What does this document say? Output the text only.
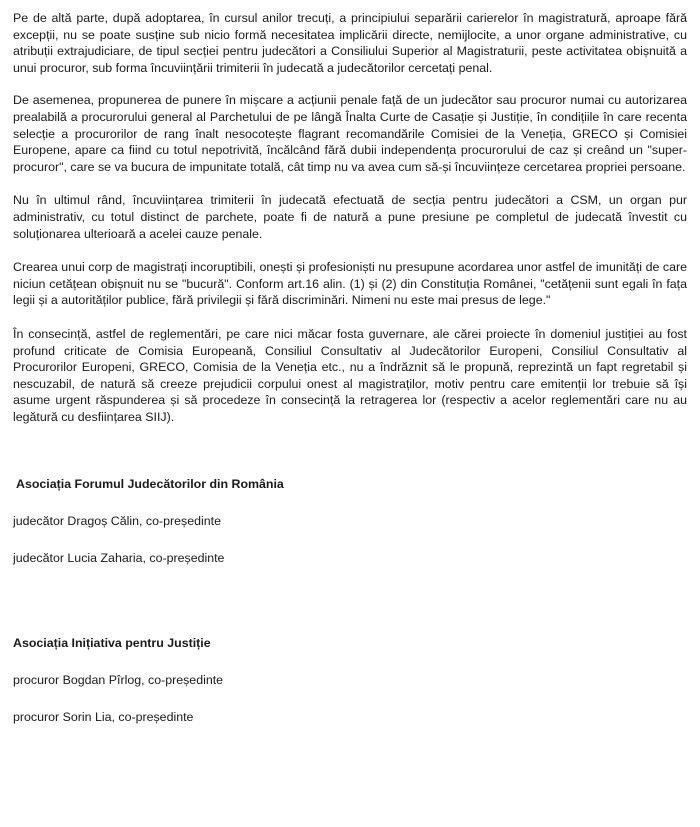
Pe de altă parte, după adoptarea, în cursul anilor trecuți, a principiului separării carierelor în magistratură, aproape fără excepții, nu se poate susține sub nicio formă necesitatea implicării directe, nemijlocite, a unor organe administrative, cu atribuții extrajudiciare, de tipul secției pentru judecători a Consiliului Superior al Magistraturii, peste activitatea obișnuită a unui procuror, sub forma încuviințării trimiterii în judecată a judecătorilor cercetați penal.

De asemenea, propunerea de punere în mișcare a acțiunii penale față de un judecător sau procuror numai cu autorizarea prealabilă a procurorului general al Parchetului de pe lângă Înalta Curte de Casație și Justiție, în condițiile în care recenta selecție a procurorilor de rang înalt nesocotește flagrant recomandările Comisiei de la Veneția, GRECO și Comisiei Europene, apare ca fiind cu totul nepotrivită, încălcând fără dubii independența procurorului de caz și creând un "super-procuror", care se va bucura de impunitate totală, cât timp nu va avea cum să-și încuviințeze cercetarea propriei persoane.

Nu în ultimul rând, încuviințarea trimiterii în judecată efectuată de secția pentru judecători a CSM, un organ pur administrativ, cu totul distinct de parchete, poate fi de natură a pune presiune pe completul de judecată învestit cu soluționarea ulterioară a acelei cauze penale.

Crearea unui corp de magistrați incoruptibili, onești și profesioniști nu presupune acordarea unor astfel de imunități de care niciun cetățean obișnuit nu se "bucură". Conform art.16 alin. (1) și (2) din Constituția Românei, "cetățenii sunt egali în fața legii și a autorităților publice, fără privilegii și fără discriminări. Nimeni nu este mai presus de lege."

În consecință, astfel de reglementări, pe care nici măcar fosta guvernare, ale cărei proiecte în domeniul justiției au fost profund criticate de Comisia Europeană, Consiliul Consultativ al Judecătorilor Europeni, Consiliul Consultativ al Procurorilor Europeni, GRECO, Comisia de la Veneția etc., nu a îndrăznit să le propună, reprezintă un fapt regretabil și nescuzabil, de natură să creeze prejudicii corpului onest al magistraților, motiv pentru care emitenții lor trebuie să își asume urgent răspunderea și să procedeze în consecință la retragerea lor (respectiv a acelor reglementări care nu au legătură cu desființarea SIIJ).

Asociația Forumul Judecătorilor din România

judecător Dragoș Călin, co-președinte

judecător Lucia Zaharia, co-președinte

Asociația Inițiativa pentru Justiție

procuror Bogdan Pîrlog, co-președinte

procuror Sorin Lia, co-președinte
